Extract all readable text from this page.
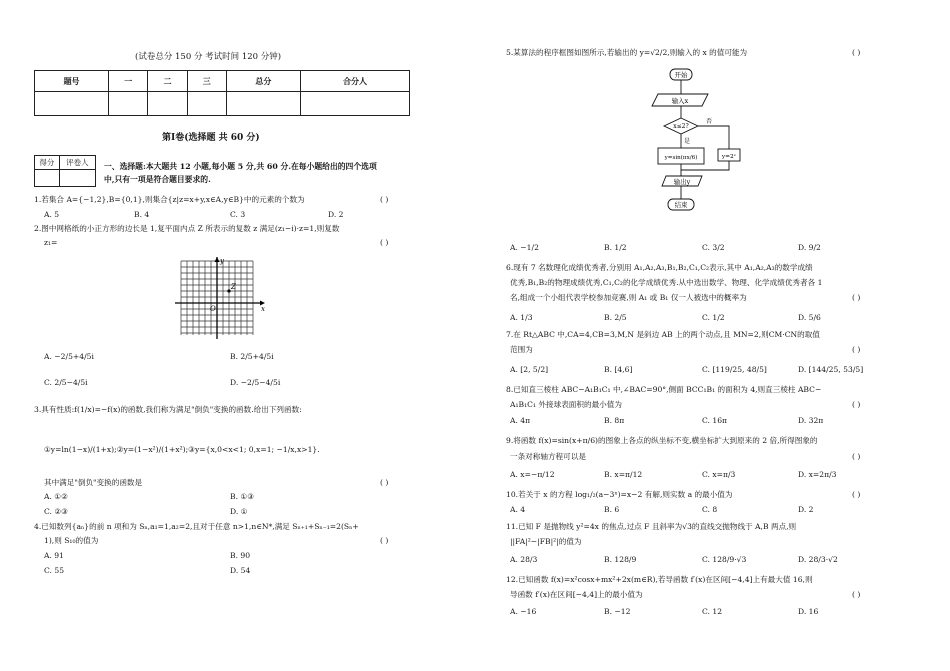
(试卷总分 150 分 考试时间 120 分钟)
题号	一	二	三	总分	合分人

第Ⅰ卷(选择题 共 60 分)
得分	评卷人
	一、选择题:本大题共 12 小题,每小题 5 分,共 60 分.在每小题给出的四个选项
中,只有一项是符合题目要求的.
1.若集合 A={−1,2},B={0,1},则集合{z|z=x+y,x∈A,y∈B}中的元素的个数为	( )
A. 5	B. 4	C. 3	D. 2
2.图中网格纸的小正方形的边长是 1,复平面内点 Z 所表示的复数 z 满足(z₁−i)·z=1,则复数
z₁=	( )
y
x
O
Z
A. −2/5+4/5i	B. 2/5+4/5i
C. 2/5−4/5i	D. −2/5−4/5i
3.具有性质:f(1/x)=−f(x)的函数,我们称为满足"倒负"变换的函数.给出下列函数:
①y=ln(1−x)/(1+x);②y=(1−x²)/(1+x²);③y={x,0<x<1; 0,x=1; −1/x,x>1}.
其中满足"倒负"变换的函数是	( )
A. ①②	B. ①③
C. ②③	D. ①
4.已知数列{aₙ}的前 n 项和为 Sₙ,a₁=1,a₂=2,且对于任意 n>1,n∈N*,满足 Sₙ₊₁+Sₙ₋₁=2(Sₙ+
1),则 S₁₀的值为	( )
A. 91	B. 90
C. 55	D. 54
5.某算法的程序框图如图所示,若输出的 y=√2/2,则输入的 x 的值可能为	( )
开始
输入x
x≤2?
是
否
y=sin(πx/6)	y=2ˣ
输出y
结束
A. −1/2	B. 1/2	C. 3/2	D. 9/2
6.现有 7 名数理化成绩优秀者,分别用 A₁,A₂,A₃,B₁,B₂,C₁,C₂表示,其中 A₁,A₂,A₃的数学成绩
优秀,B₁,B₂的物理成绩优秀,C₁,C₂的化学成绩优秀.从中选出数学、物理、化学成绩优秀者各 1
名,组成一个小组代表学校参加竞赛,则 A₁ 或 B₁ 仅一人被选中的概率为	( )
A. 1/3	B. 2/5	C. 1/2	D. 5/6
7.在 Rt△ABC 中,CA=4,CB=3,M,N 是斜边 AB 上的两个动点,且 MN=2,则CM·CN的取值
范围为	( )
A. [2, 5/2]	B. [4,6]	C. [119/25, 48/5]	D. [144/25, 53/5]
8.已知直三棱柱 ABC−A₁B₁C₁ 中,∠BAC=90°,侧面 BCC₁B₁ 的面积为 4,则直三棱柱 ABC−
A₁B₁C₁ 外接球表面积的最小值为	( )
A. 4π	B. 8π	C. 16π	D. 32π
9.将函数 f(x)=sin(x+π/6)的图象上各点的纵坐标不变,横坐标扩大到原来的 2 倍,所得图象的
一条对称轴方程可以是	( )
A. x=−π/12	B. x=π/12	C. x=π/3	D. x=2π/3
10.若关于 x 的方程 log₁/₂(a−3ˣ)=x−2 有解,则实数 a 的最小值为	( )
A. 4	B. 6	C. 8	D. 2
11.已知 F 是抛物线 y²=4x 的焦点,过点 F 且斜率为√3的直线交抛物线于 A,B 两点,则
||FA|²−|FB|²|的值为
A. 28/3	B. 128/9	C. 128/9·√3	D. 28/3·√2
12.已知函数 f(x)=x²cosx+mx²+2x(m∈R),若导函数 f′(x)在区间[−4,4]上有最大值 16,则
导函数 f′(x)在区间[−4,4]上的最小值为	( )
A. −16	B. −12	C. 12	D. 16
